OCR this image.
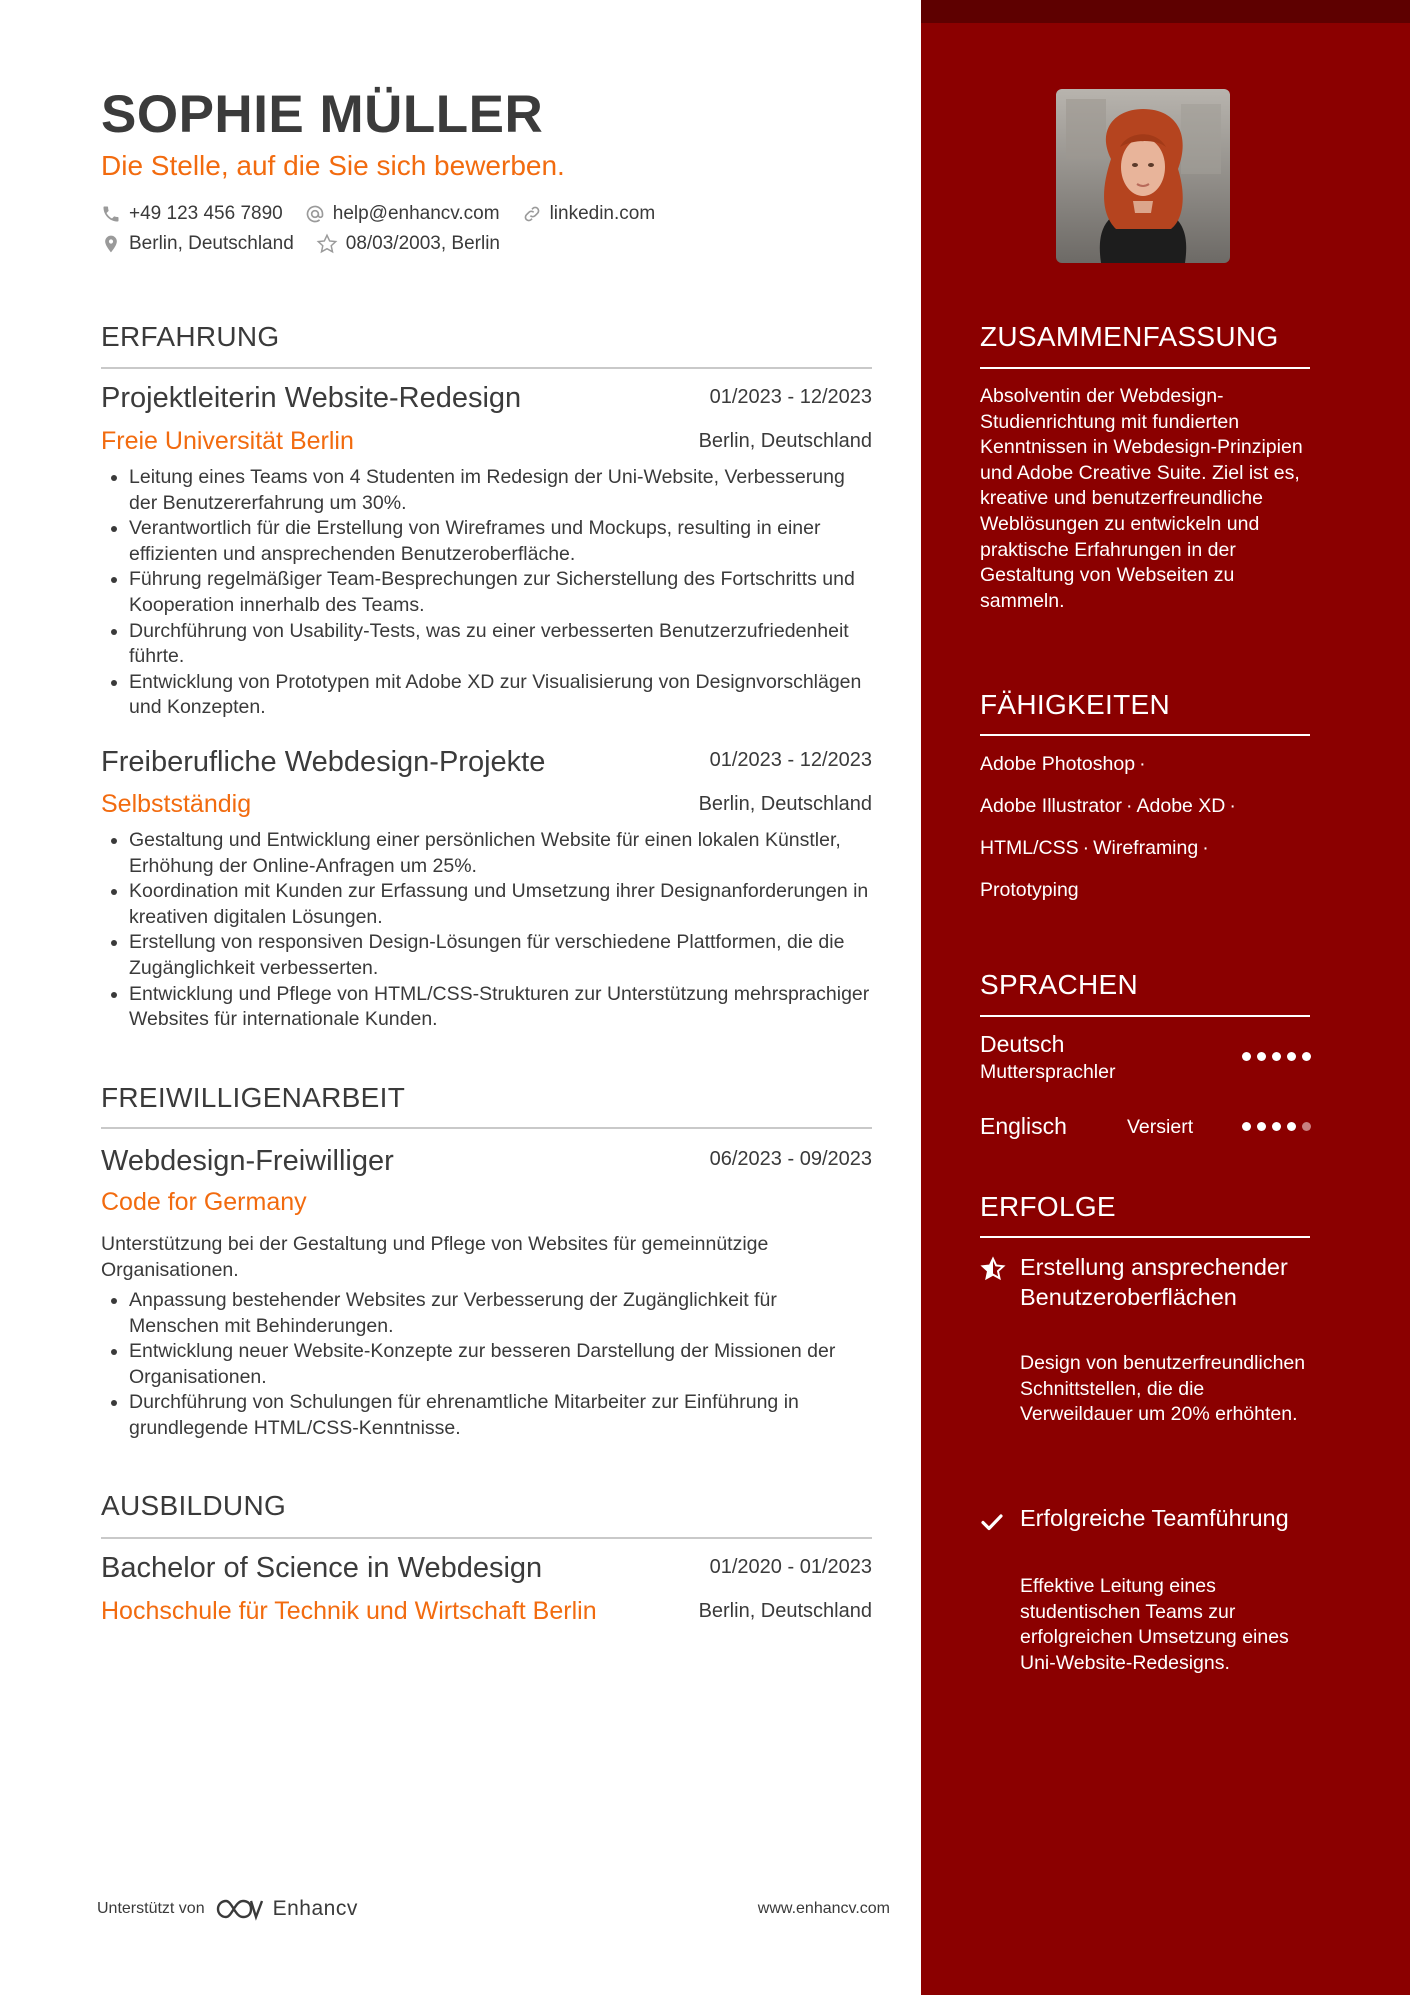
SOPHIE MÜLLER
Die Stelle, auf die Sie sich bewerben.
+49 123 456 7890	help@enhancv.com	linkedin.com
Berlin, Deutschland	08/03/2003, Berlin
ERFAHRUNG
Projektleiterin Website-Redesign	01/2023 - 12/2023
Freie Universität Berlin	Berlin, Deutschland
• Leitung eines Teams von 4 Studenten im Redesign der Uni-Website, Verbesserung der Benutzererfahrung um 30%.
• Verantwortlich für die Erstellung von Wireframes und Mockups, resulting in einer effizienten und ansprechenden Benutzeroberfläche.
• Führung regelmäßiger Team-Besprechungen zur Sicherstellung des Fortschritts und Kooperation innerhalb des Teams.
• Durchführung von Usability-Tests, was zu einer verbesserten Benutzerzufriedenheit führte.
• Entwicklung von Prototypen mit Adobe XD zur Visualisierung von Designvorschlägen und Konzepten.
Freiberufliche Webdesign-Projekte	01/2023 - 12/2023
Selbstständig	Berlin, Deutschland
• Gestaltung und Entwicklung einer persönlichen Website für einen lokalen Künstler, Erhöhung der Online-Anfragen um 25%.
• Koordination mit Kunden zur Erfassung und Umsetzung ihrer Designanforderungen in kreativen digitalen Lösungen.
• Erstellung von responsiven Design-Lösungen für verschiedene Plattformen, die die Zugänglichkeit verbesserten.
• Entwicklung und Pflege von HTML/CSS-Strukturen zur Unterstützung mehrsprachiger Websites für internationale Kunden.
FREIWILLIGENARBEIT
Webdesign-Freiwilliger	06/2023 - 09/2023
Code for Germany
Unterstützung bei der Gestaltung und Pflege von Websites für gemeinnützige Organisationen.
• Anpassung bestehender Websites zur Verbesserung der Zugänglichkeit für Menschen mit Behinderungen.
• Entwicklung neuer Website-Konzepte zur besseren Darstellung der Missionen der Organisationen.
• Durchführung von Schulungen für ehrenamtliche Mitarbeiter zur Einführung in grundlegende HTML/CSS-Kenntnisse.
AUSBILDUNG
Bachelor of Science in Webdesign	01/2020 - 01/2023
Hochschule für Technik und Wirtschaft Berlin	Berlin, Deutschland
Unterstützt von	Enhancv	www.enhancv.com
ZUSAMMENFASSUNG
Absolventin der Webdesign-Studienrichtung mit fundierten Kenntnissen in Webdesign-Prinzipien und Adobe Creative Suite. Ziel ist es, kreative und benutzerfreundliche Weblösungen zu entwickeln und praktische Erfahrungen in der Gestaltung von Webseiten zu sammeln.
FÄHIGKEITEN
Adobe Photoshop ·
Adobe Illustrator · Adobe XD ·
HTML/CSS · Wireframing ·
Prototyping
SPRACHEN
Deutsch
Muttersprachler
Englisch	Versiert
ERFOLGE
Erstellung ansprechender Benutzeroberflächen
Design von benutzerfreundlichen Schnittstellen, die die Verweildauer um 20% erhöhten.
Erfolgreiche Teamführung
Effektive Leitung eines studentischen Teams zur erfolgreichen Umsetzung eines Uni-Website-Redesigns.
